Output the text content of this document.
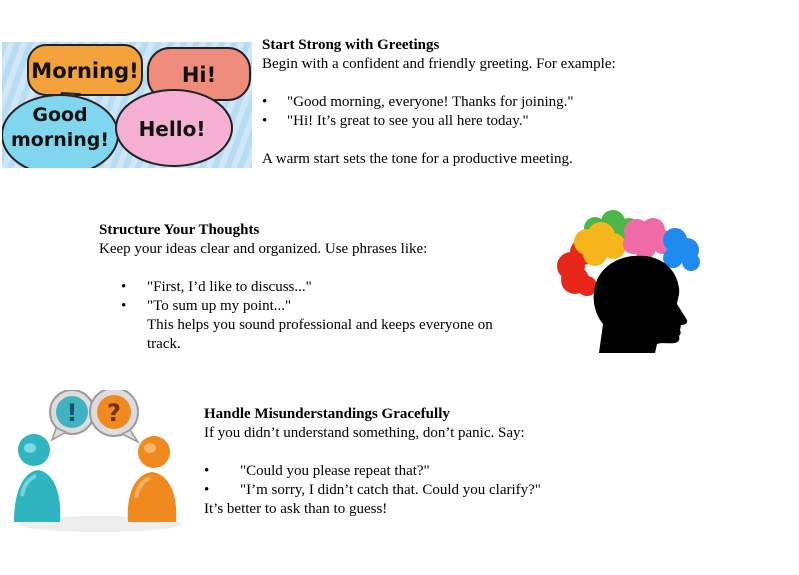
Morning! Hi!
Good
morning! Hello!

Start Strong with Greetings

Begin with a confident and friendly greeting. For example:

• "Good morning, everyone! Thanks for joining."
• "Hi! It’s great to see you all here today."

A warm start sets the tone for a productive meeting.

Structure Your Thoughts

Keep your ideas clear and organized. Use phrases like:

• "First, I’d like to discuss..."
• "To sum up my point..."

This helps you sound professional and keeps everyone on track.

! ?	Handle Misunderstandings Gracefully

If you didn’t understand something, don’t panic. Say:

• "Could you please repeat that?"
• "I’m sorry, I didn’t catch that. Could you clarify?"

It’s better to ask than to guess!
